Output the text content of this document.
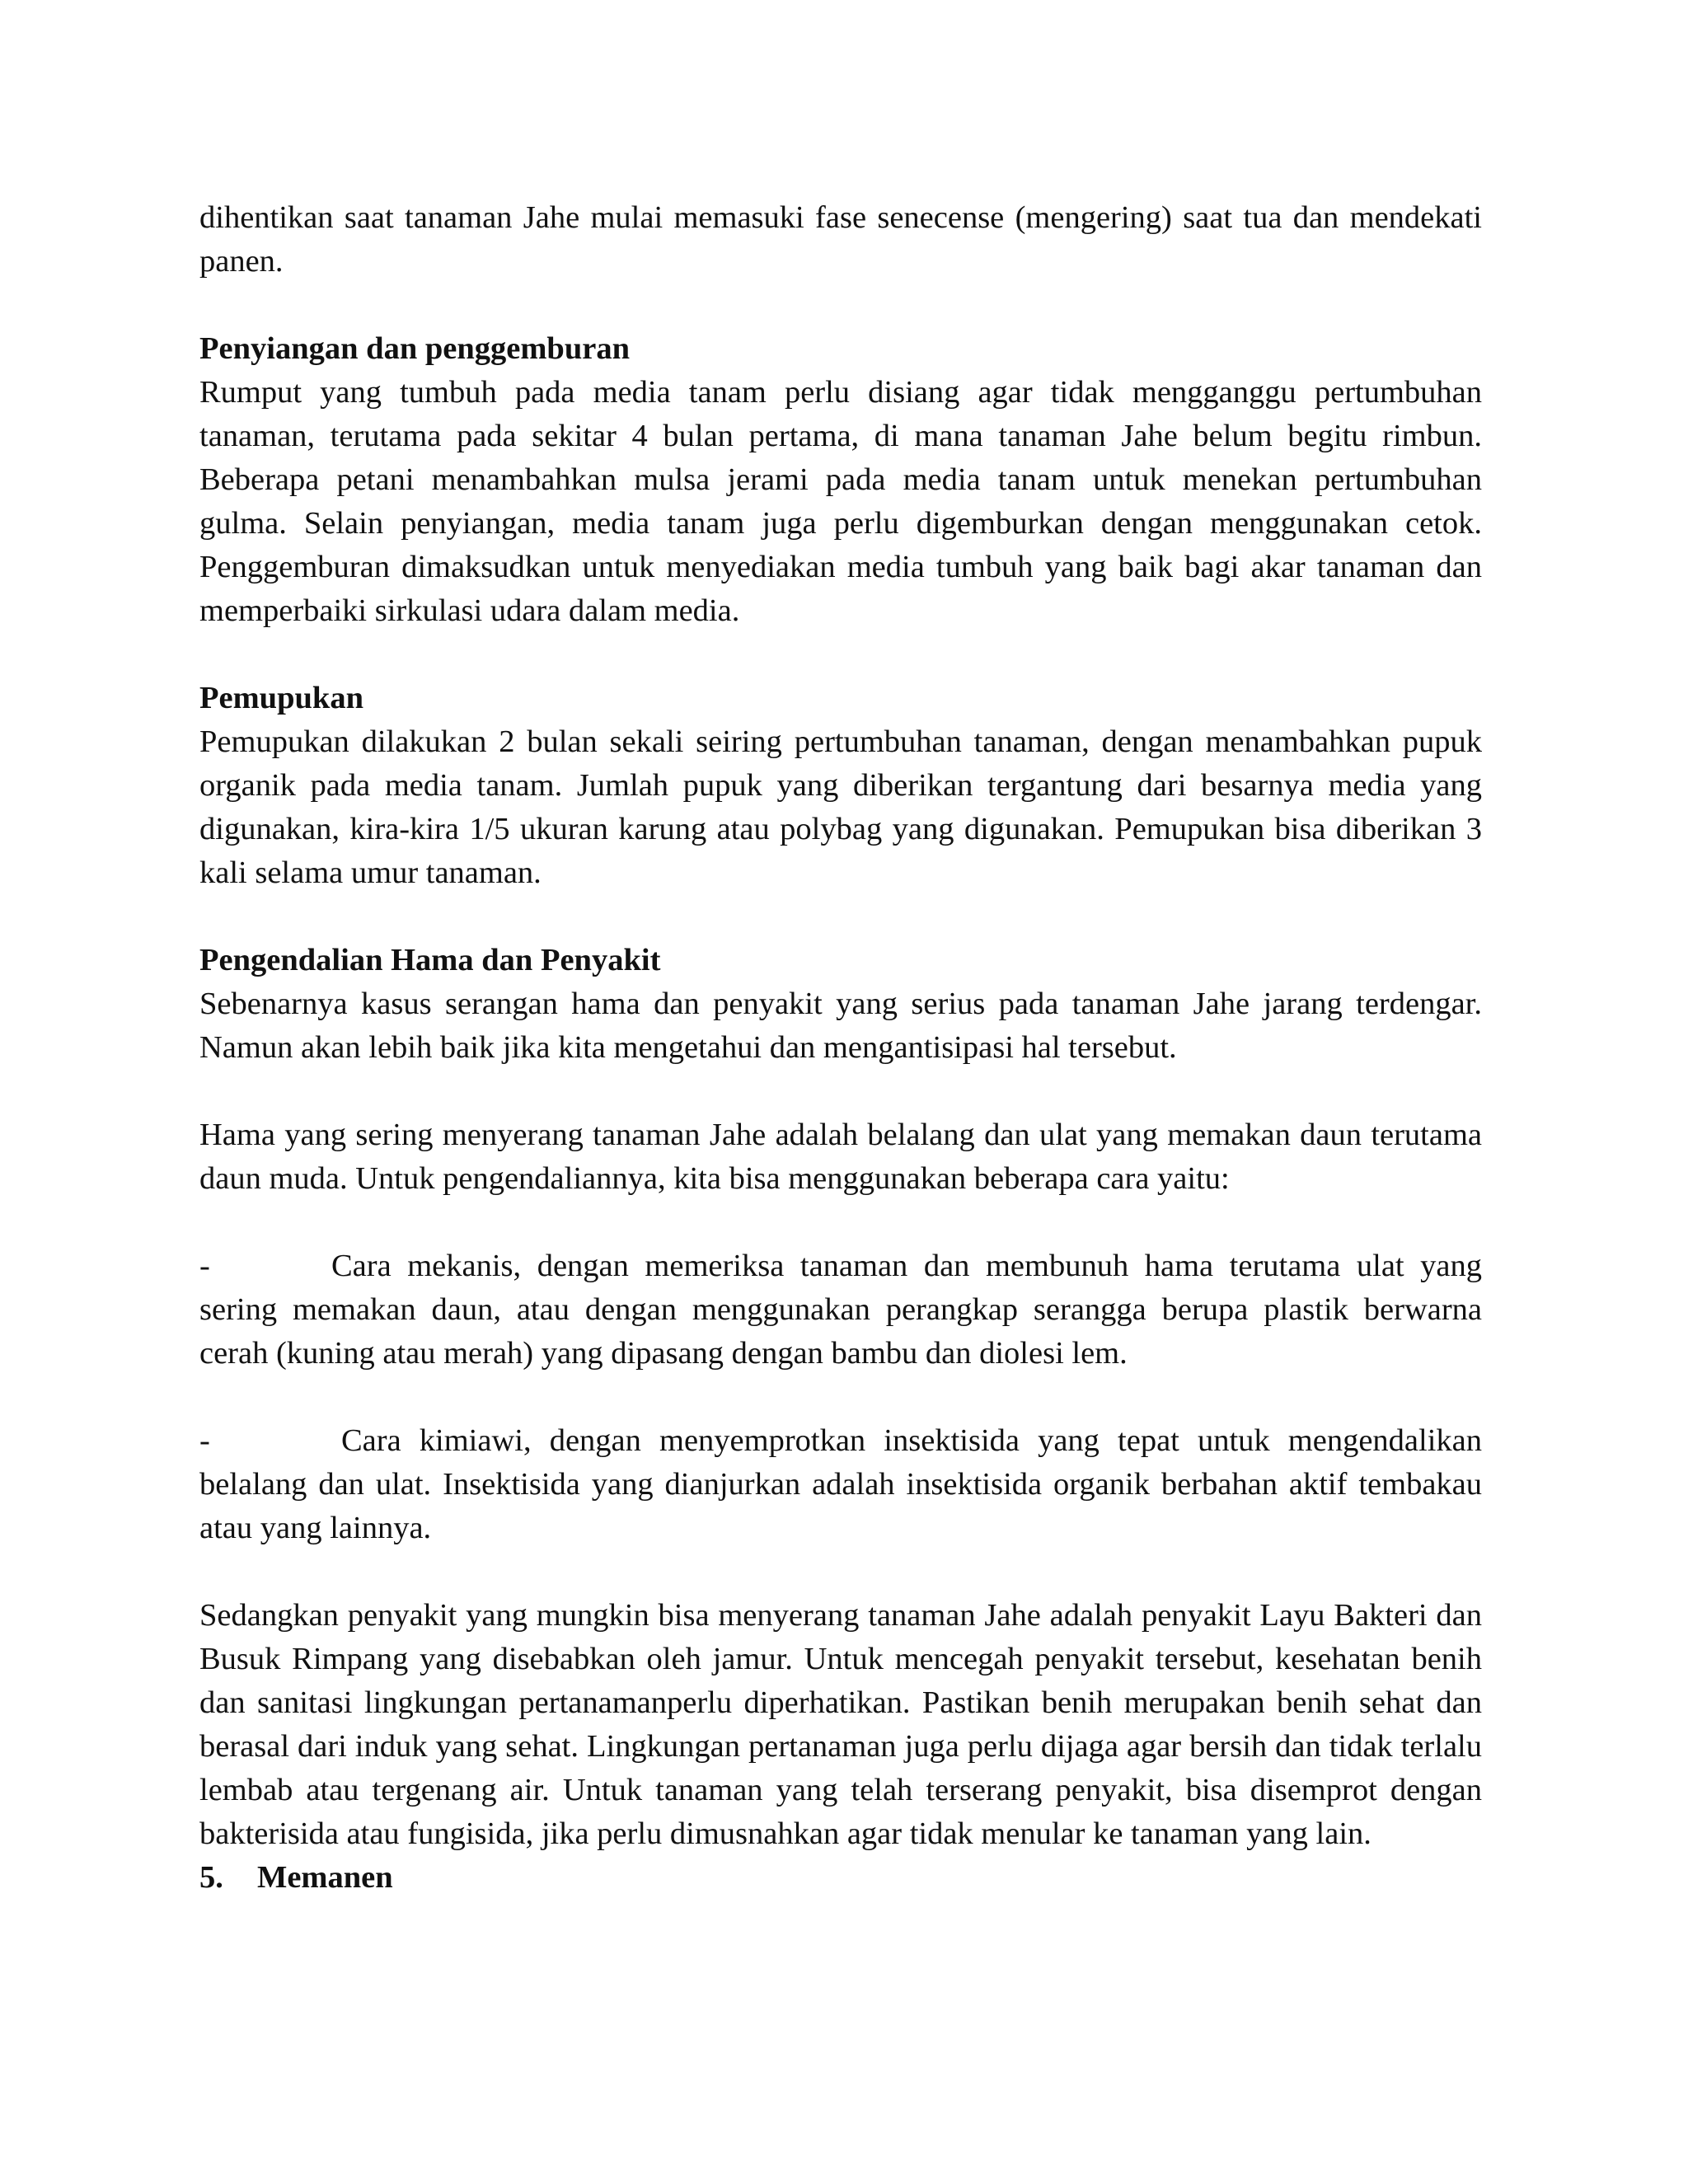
dihentikan saat tanaman Jahe mulai memasuki fase senecense (mengering) saat tua dan mendekati panen.

Penyiangan dan penggemburan

Rumput yang tumbuh pada media tanam perlu disiang agar tidak mengganggu pertumbuhan tanaman, terutama pada sekitar 4 bulan pertama, di mana tanaman Jahe belum begitu rimbun. Beberapa petani menambahkan mulsa jerami pada media tanam untuk menekan pertumbuhan gulma. Selain penyiangan, media tanam juga perlu digemburkan dengan menggunakan cetok. Penggemburan dimaksudkan untuk menyediakan media tumbuh yang baik bagi akar tanaman dan memperbaiki sirkulasi udara dalam media.

Pemupukan

Pemupukan dilakukan 2 bulan sekali seiring pertumbuhan tanaman, dengan menambahkan pupuk organik pada media tanam. Jumlah pupuk yang diberikan tergantung dari besarnya media yang digunakan, kira-kira 1/5 ukuran karung atau polybag yang digunakan. Pemupukan bisa diberikan 3 kali selama umur tanaman.

Pengendalian Hama dan Penyakit

Sebenarnya kasus serangan hama dan penyakit yang serius pada tanaman Jahe jarang terdengar. Namun akan lebih baik jika kita mengetahui dan mengantisipasi hal tersebut.

Hama yang sering menyerang tanaman Jahe adalah belalang dan ulat yang memakan daun terutama daun muda. Untuk pengendaliannya, kita bisa menggunakan beberapa cara yaitu:

-	Cara mekanis, dengan memeriksa tanaman dan membunuh hama terutama ulat yang sering memakan daun, atau dengan menggunakan perangkap serangga berupa plastik berwarna cerah (kuning atau merah) yang dipasang dengan bambu dan diolesi lem.

-	Cara kimiawi, dengan menyemprotkan insektisida yang tepat untuk mengendalikan belalang dan ulat. Insektisida yang dianjurkan adalah insektisida organik berbahan aktif tembakau atau yang lainnya.

Sedangkan penyakit yang mungkin bisa menyerang tanaman Jahe adalah penyakit Layu Bakteri dan Busuk Rimpang yang disebabkan oleh jamur. Untuk mencegah penyakit tersebut, kesehatan benih dan sanitasi lingkungan pertanamanperlu diperhatikan. Pastikan benih merupakan benih sehat dan berasal dari induk yang sehat. Lingkungan pertanaman juga perlu dijaga agar bersih dan tidak terlalu lembab atau tergenang air. Untuk tanaman yang telah terserang penyakit, bisa disemprot dengan bakterisida atau fungisida, jika perlu dimusnahkan agar tidak menular ke tanaman yang lain.

5. Memanen
